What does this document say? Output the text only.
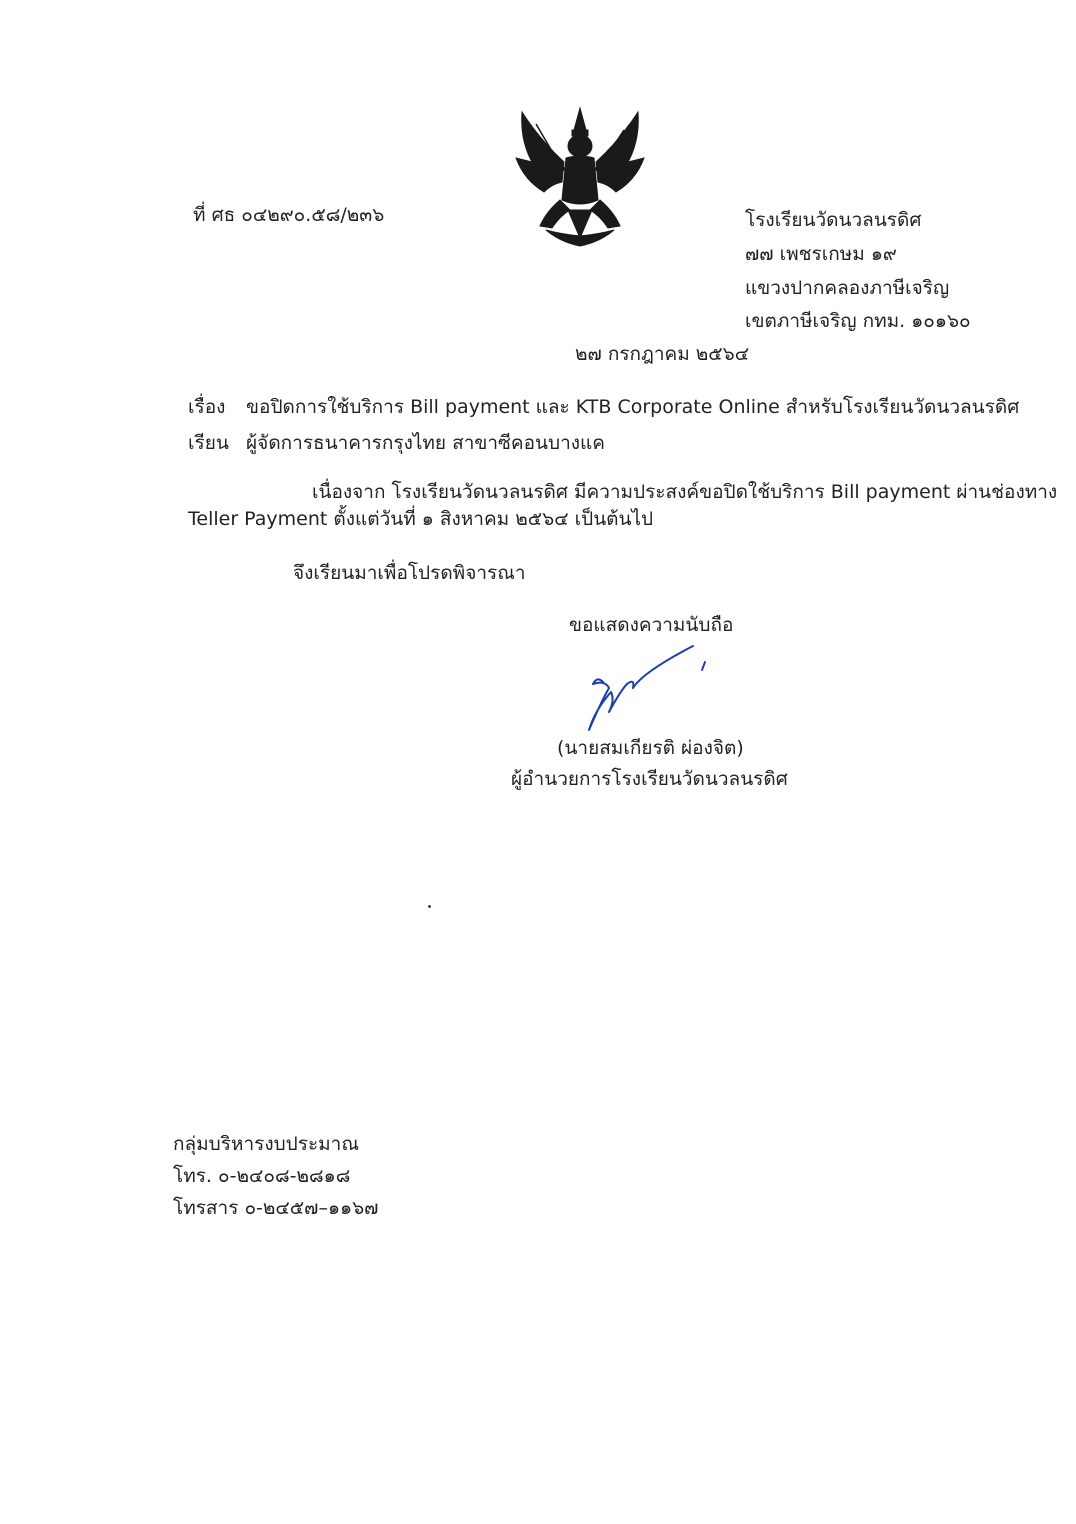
ที่ ศธ ๐๔๒๙๐.๕๘/๒๓๖	โรงเรียนวัดนวลนรดิศ
๗๗ เพชรเกษม ๑๙
แขวงปากคลองภาษีเจริญ
เขตภาษีเจริญ กทม. ๑๐๑๖๐
๒๗ กรกฎาคม ๒๕๖๔
เรื่อง ขอปิดการใช้บริการ Bill payment และ KTB Corporate Online สำหรับโรงเรียนวัดนวลนรดิศ
เรียน ผู้จัดการธนาคารกรุงไทย สาขาซีคอนบางแค
เนื่องจาก โรงเรียนวัดนวลนรดิศ มีความประสงค์ขอปิดใช้บริการ Bill payment ผ่านช่องทาง
Teller Payment ตั้งแต่วันที่ ๑ สิงหาคม ๒๕๖๔ เป็นต้นไป
จึงเรียนมาเพื่อโปรดพิจารณา
ขอแสดงความนับถือ
(นายสมเกียรติ ผ่องจิต)
ผู้อำนวยการโรงเรียนวัดนวลนรดิศ
กลุ่มบริหารงบประมาณ
โทร. ๐-๒๔๐๘-๒๘๑๘
โทรสาร ๐-๒๔๕๗–๑๑๖๗
